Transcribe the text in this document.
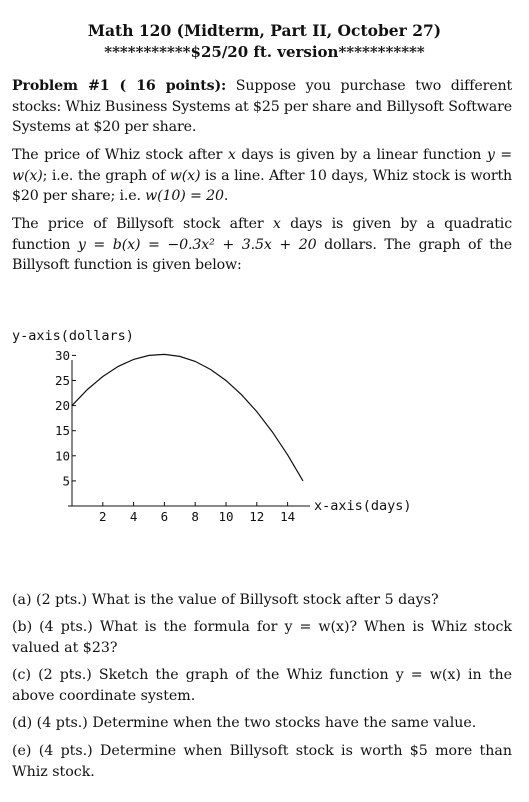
Math 120 (Midterm, Part II, October 27)
***********$25/20 ft. version***********
Problem #1 ( 16 points): Suppose you purchase two different stocks: Whiz Business Systems at $25 per share and Billysoft Software Systems at $20 per share.
The price of Whiz stock after x days is given by a linear function y = w(x); i.e. the graph of w(x) is a line. After 10 days, Whiz stock is worth $20 per share; i.e. w(10) = 20.
The price of Billysoft stock after x days is given by a quadratic function y = b(x) = −0.3x² + 3.5x + 20 dollars. The graph of the Billysoft function is given below:
y-axis(dollars)
2 4 6 8 10 12 14
5
10
15
20
25
30
x-axis(days)
(a) (2 pts.) What is the value of Billysoft stock after 5 days?
(b) (4 pts.) What is the formula for y = w(x)? When is Whiz stock valued at $23?
(c) (2 pts.) Sketch the graph of the Whiz function y = w(x) in the above coordinate system.
(d) (4 pts.) Determine when the two stocks have the same value.
(e) (4 pts.) Determine when Billysoft stock is worth $5 more than Whiz stock.
